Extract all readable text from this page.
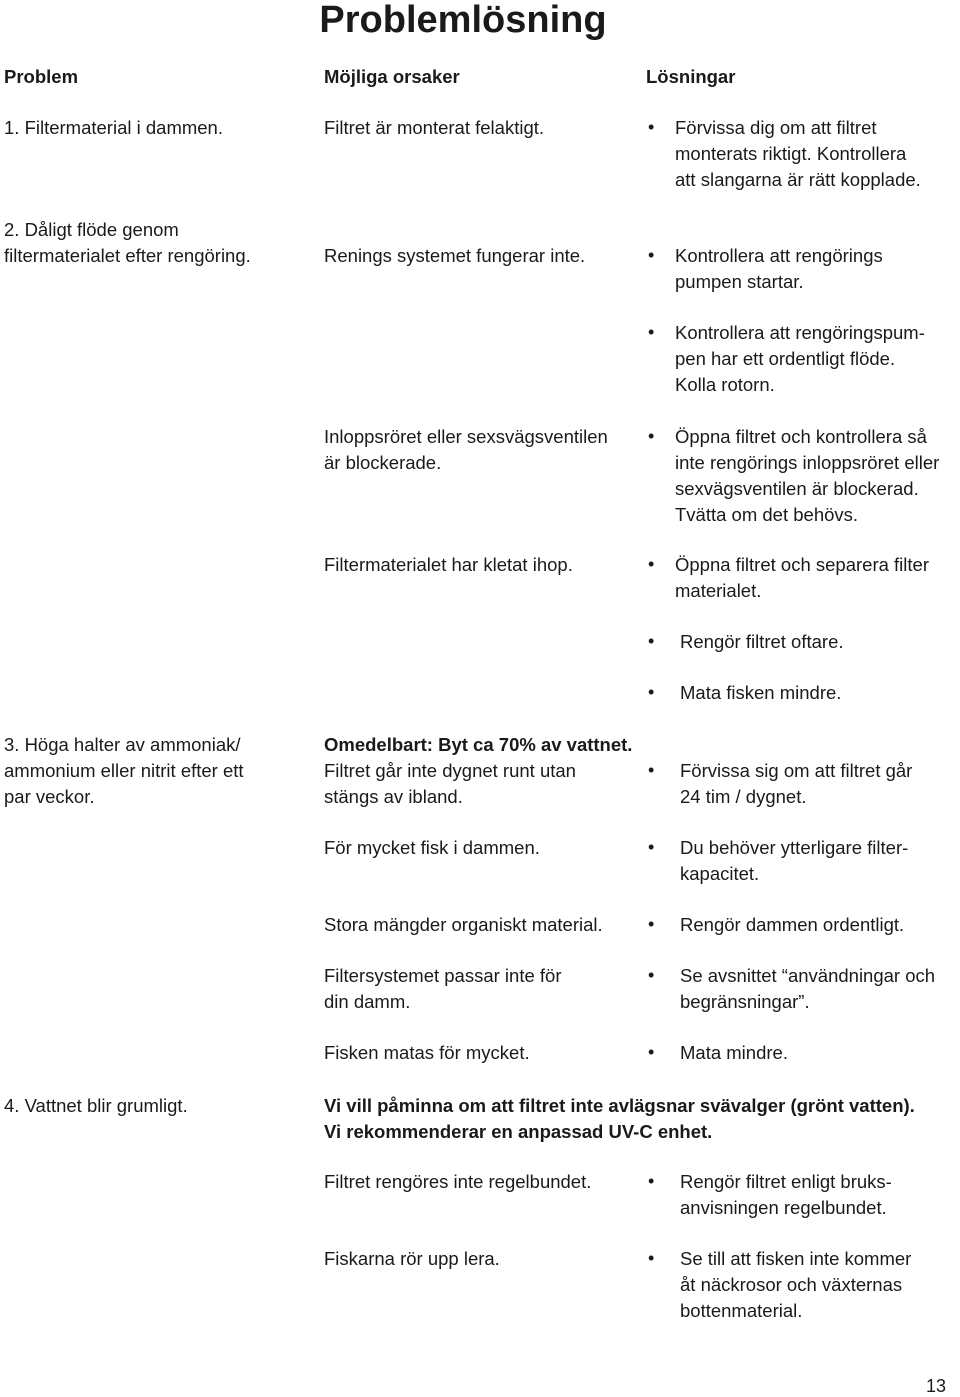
Problemlösning
Problem	Möjliga orsaker	Lösningar
1. Filtermaterial i dammen.
2. Dåligt flöde genom
filtermaterialet efter rengöring.
3. Höga halter av ammoniak/
ammonium eller nitrit efter ett
par veckor.
4. Vattnet blir grumligt.
Filtret är monterat felaktigt.
Renings systemet fungerar inte.
Inloppsröret eller sexsvägsventilen
är blockerade.
Filtermaterialet har kletat ihop.
Omedelbart: Byt ca 70% av vattnet.
Filtret går inte dygnet runt utan
stängs av ibland.
För mycket fisk i dammen.
Stora mängder organiskt material.
Filtersystemet passar inte för
din damm.
Fisken matas för mycket.
Vi vill påminna om att filtret inte avlägsnar svävalger (grönt vatten).
Vi rekommenderar en anpassad UV-C enhet.
Filtret rengöres inte regelbundet.
Fiskarna rör upp lera.
•
•
•
•
•
•
•
•
•
•
•
•
•
•
Förvissa dig om att filtret
monterats riktigt. Kontrollera
att slangarna är rätt kopplade.
Kontrollera att rengörings
pumpen startar.
Kontrollera att rengöringspum-
pen har ett ordentligt flöde.
Kolla rotorn.
Öppna filtret och kontrollera så
inte rengörings inloppsröret eller
sexvägsventilen är blockerad.
Tvätta om det behövs.
Öppna filtret och separera filter
materialet.
Rengör filtret oftare.
Mata fisken mindre.
Förvissa sig om att filtret går
24 tim / dygnet.
Du behöver ytterligare filter-
kapacitet.
Rengör dammen ordentligt.
Se avsnittet “användningar och
begränsningar”.
Mata mindre.
Rengör filtret enligt bruks-
anvisningen regelbundet.
Se till att fisken inte kommer
åt näckrosor och växternas
bottenmaterial.
13
